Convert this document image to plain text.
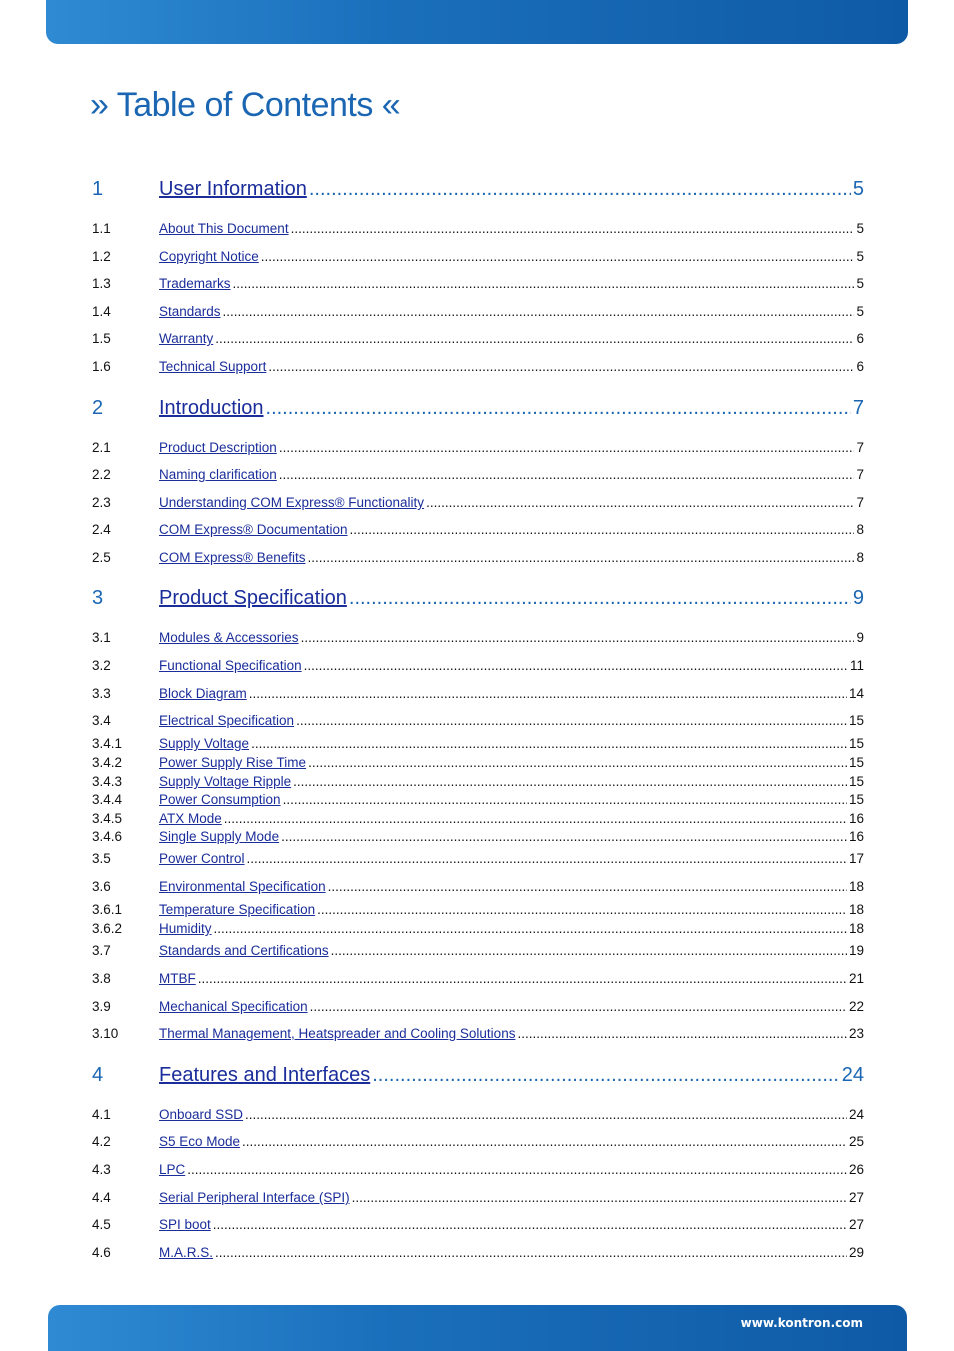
» Table of Contents «
1	User Information .....	5
1.1	About This Document .....	5
1.2	Copyright Notice .....	5
1.3	Trademarks .....	5
1.4	Standards .....	5
1.5	Warranty .....	6
1.6	Technical Support .....	6
2	Introduction .....	7
2.1	Product Description .....	7
2.2	Naming clarification .....	7
2.3	Understanding COM Express® Functionality .....	7
2.4	COM Express® Documentation .....	8
2.5	COM Express® Benefits .....	8
3	Product Specification .....	9
3.1	Modules & Accessories .....	9
3.2	Functional Specification .....	11
3.3	Block Diagram .....	14
3.4	Electrical Specification .....	15
3.4.1	Supply Voltage .....	15
3.4.2	Power Supply Rise Time .....	15
3.4.3	Supply Voltage Ripple .....	15
3.4.4	Power Consumption .....	15
3.4.5	ATX Mode .....	16
3.4.6	Single Supply Mode .....	16
3.5	Power Control .....	17
3.6	Environmental Specification .....	18
3.6.1	Temperature Specification .....	18
3.6.2	Humidity .....	18
3.7	Standards and Certifications .....	19
3.8	MTBF .....	21
3.9	Mechanical Specification .....	22
3.10	Thermal Management, Heatspreader and Cooling Solutions .....	23
4	Features and Interfaces .....	24
4.1	Onboard SSD .....	24
4.2	S5 Eco Mode .....	25
4.3	LPC .....	26
4.4	Serial Peripheral Interface (SPI) .....	27
4.5	SPI boot .....	27
4.6	M.A.R.S. .....	29
www.kontron.com
